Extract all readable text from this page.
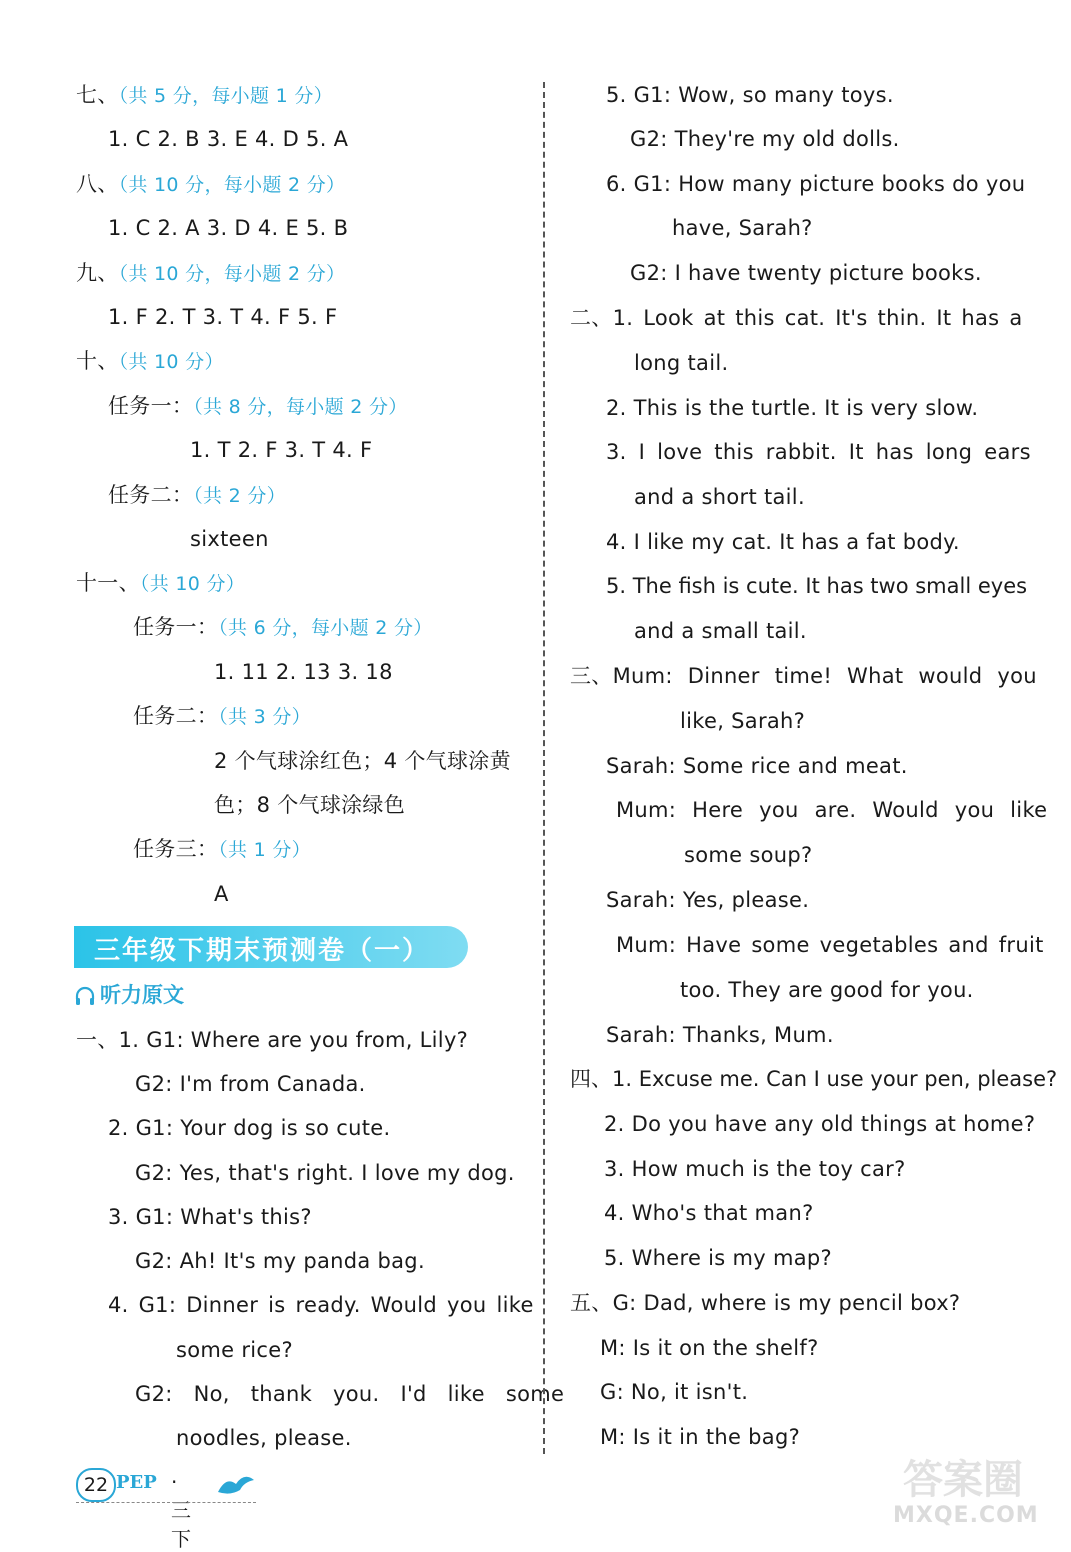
七、（共 5 分，每小题 1 分）
1. C 2. B 3. E 4. D 5. A
八、（共 10 分，每小题 2 分）
1. C 2. A 3. D 4. E 5. B
九、（共 10 分，每小题 2 分）
1. F 2. T 3. T 4. F 5. F
十、（共 10 分）
任务一：（共 8 分，每小题 2 分）
1. T 2. F 3. T 4. F
任务二：（共 2 分）
sixteen
十一、（共 10 分）
任务一：（共 6 分，每小题 2 分）
1. 11 2. 13 3. 18
任务二：（共 3 分）
2 个气球涂红色；4 个气球涂黄
色；8 个气球涂绿色
任务三：（共 1 分）
A
三年级下期末预测卷（一）
听力原文
一、1. G1: Where are you from, Lily?
G2: I'm from Canada.
2. G1: Your dog is so cute.
G2: Yes, that's right. I love my dog.
3. G1: What's this?
G2: Ah! It's my panda bag.
4. G1: Dinner is ready. Would you like
some rice?
G2: No, thank you. I'd like some
noodles, please.
5. G1: Wow, so many toys.
G2: They're my old dolls.
6. G1: How many picture books do you
have, Sarah?
G2: I have twenty picture books.
二、1. Look at this cat. It's thin. It has a
long tail.
2. This is the turtle. It is very slow.
3. I love this rabbit. It has long ears
and a short tail.
4. I like my cat. It has a fat body.
5. The fish is cute. It has two small eyes
and a small tail.
三、Mum: Dinner time! What would you
like, Sarah?
Sarah: Some rice and meat.
Mum: Here you are. Would you like
some soup?
Sarah: Yes, please.
Mum: Have some vegetables and fruit
too. They are good for you.
Sarah: Thanks, Mum.
四、1. Excuse me. Can I use your pen, please?
2. Do you have any old things at home?
3. How much is the toy car?
4. Who's that man?
5. Where is my map?
五、G: Dad, where is my pencil box?
M: Is it on the shelf?
G: No, it isn't.
M: Is it in the bag?
22 PEP ·三下
答案圈
MXQE.COM
